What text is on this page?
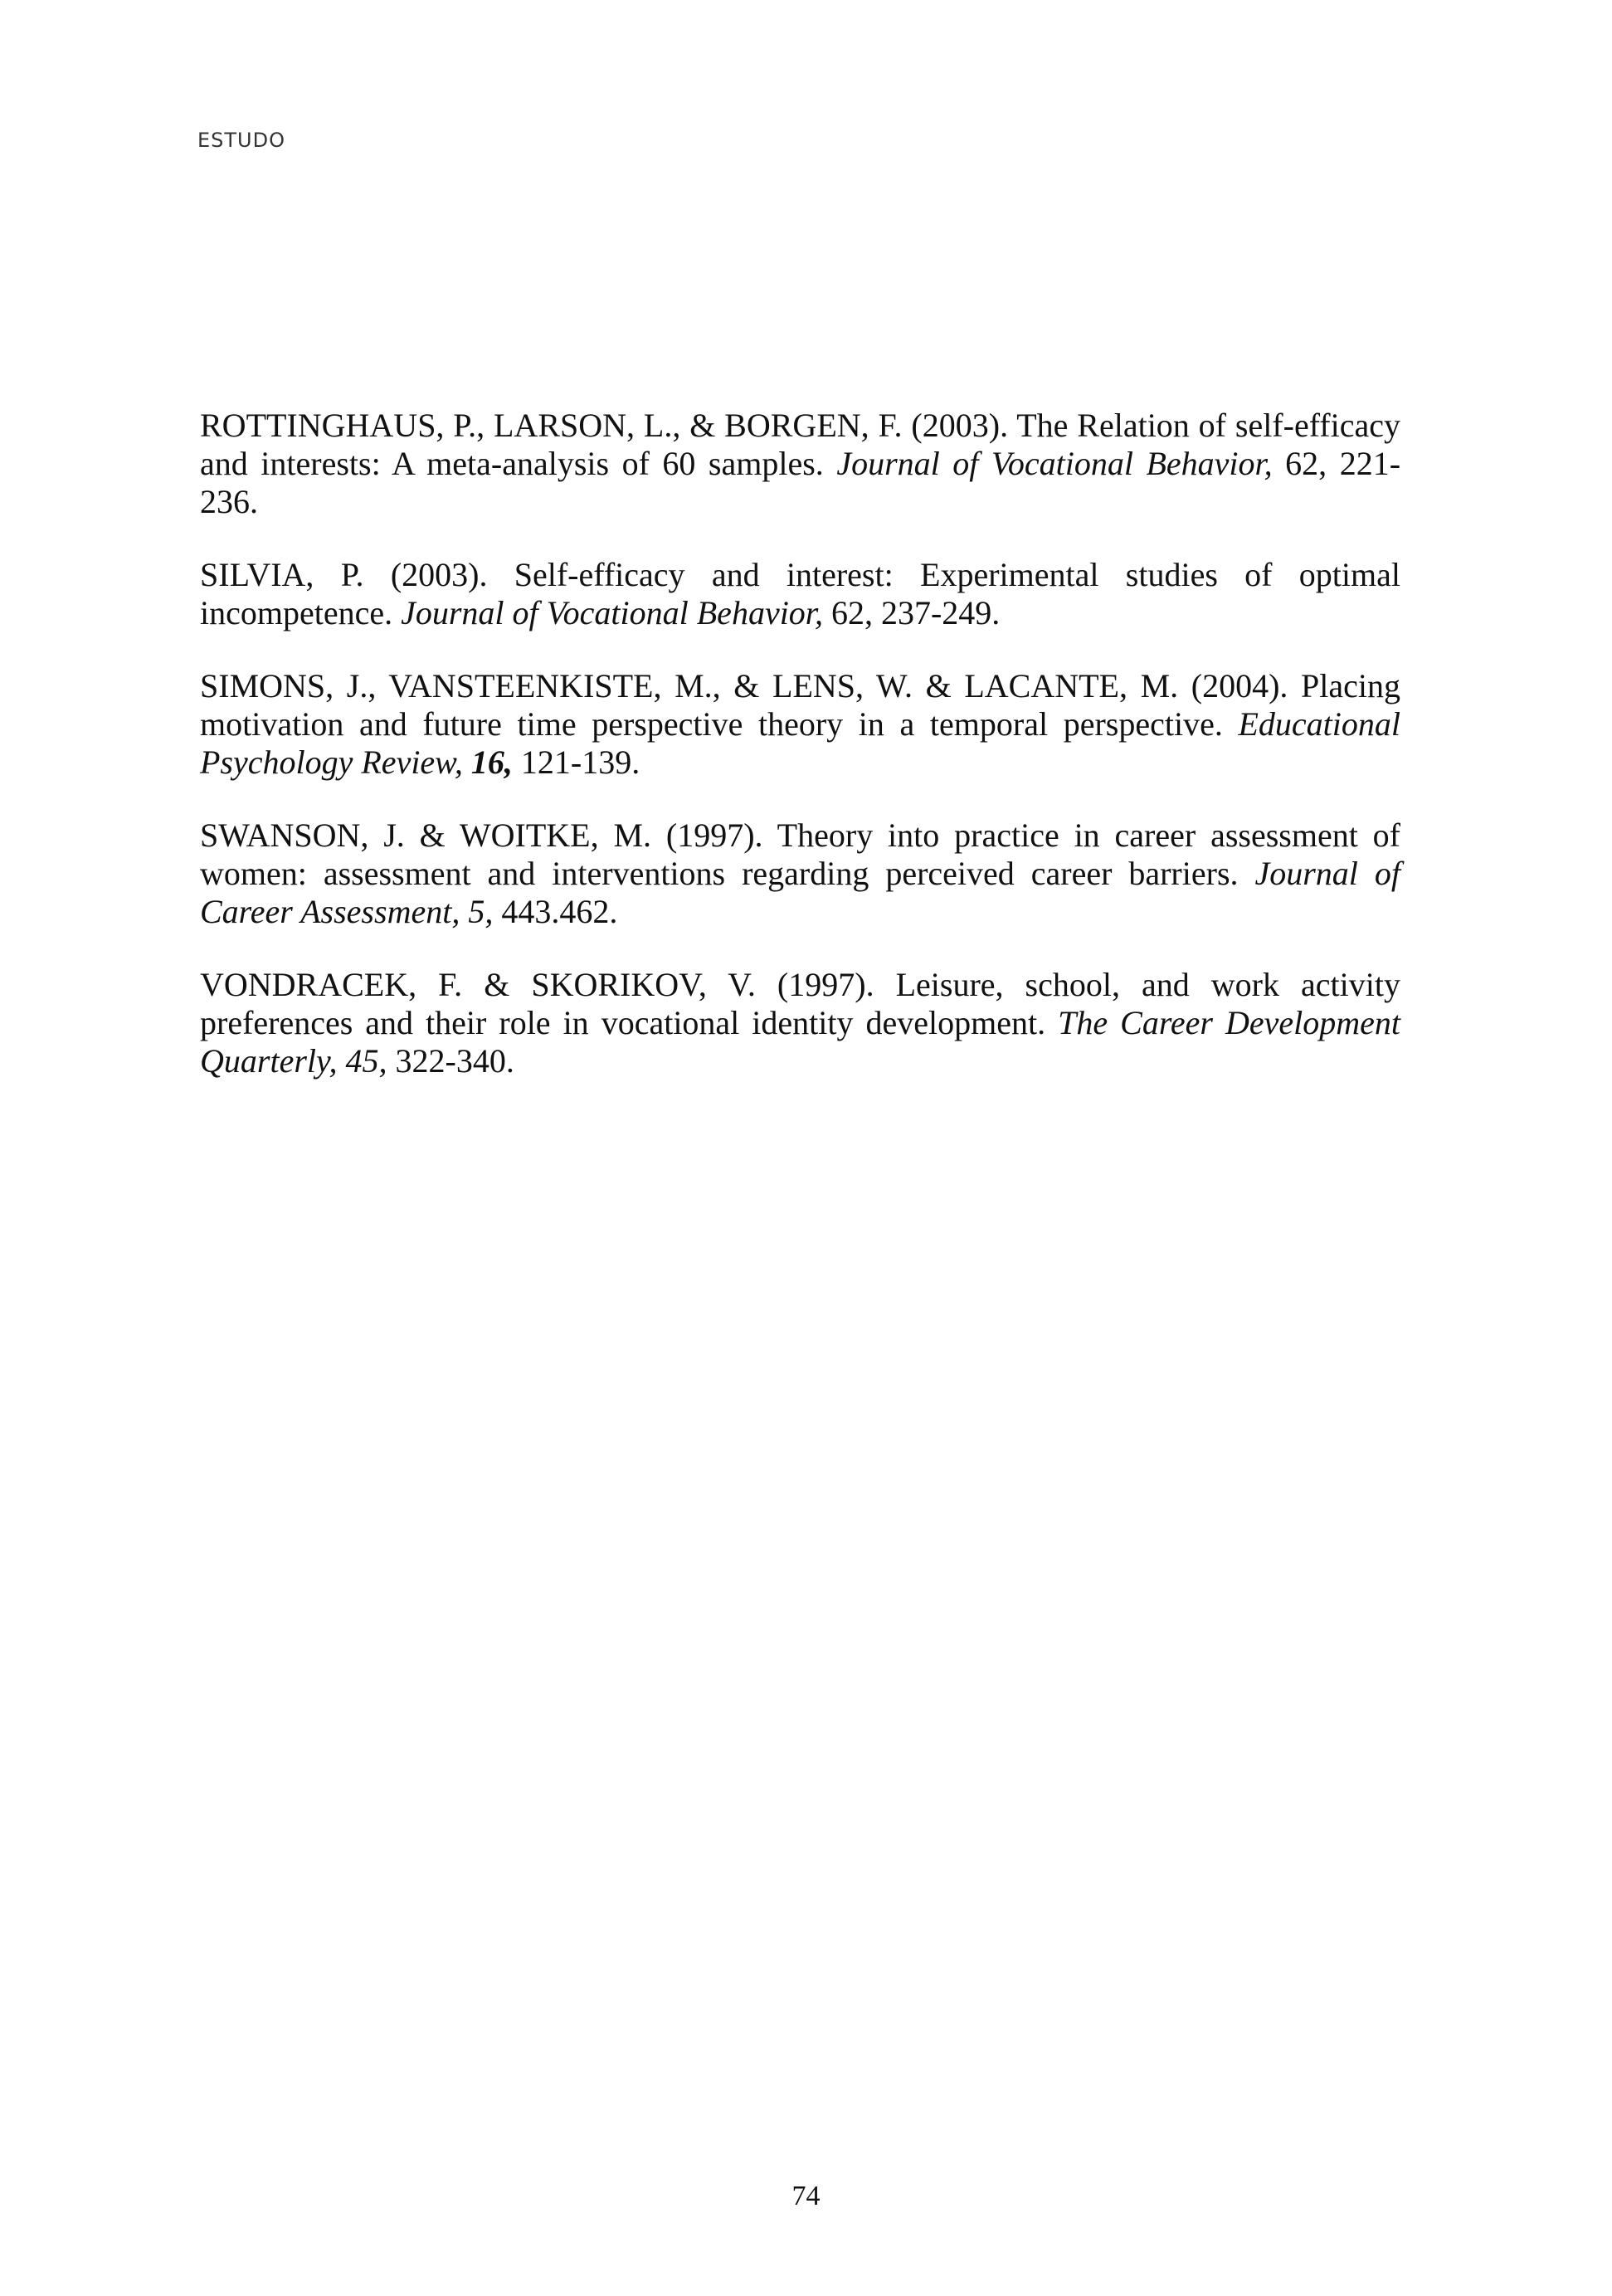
ESTUDO

ROTTINGHAUS, P., LARSON, L., & BORGEN, F. (2003). The Relation of self-efficacy and interests: A meta-analysis of 60 samples. Journal of Vocational Behavior, 62, 221-236.

SILVIA, P. (2003). Self-efficacy and interest: Experimental studies of optimal incompetence. Journal of Vocational Behavior, 62, 237-249.

SIMONS, J., VANSTEENKISTE, M., & LENS, W. & LACANTE, M. (2004). Placing motivation and future time perspective theory in a temporal perspective. Educational Psychology Review, 16, 121-139.

SWANSON, J. & WOITKE, M. (1997). Theory into practice in career assessment of women: assessment and interventions regarding perceived career barriers. Journal of Career Assessment, 5, 443.462.

VONDRACEK, F. & SKORIKOV, V. (1997). Leisure, school, and work activity preferences and their role in vocational identity development. The Career Development Quarterly, 45, 322-340.

74
